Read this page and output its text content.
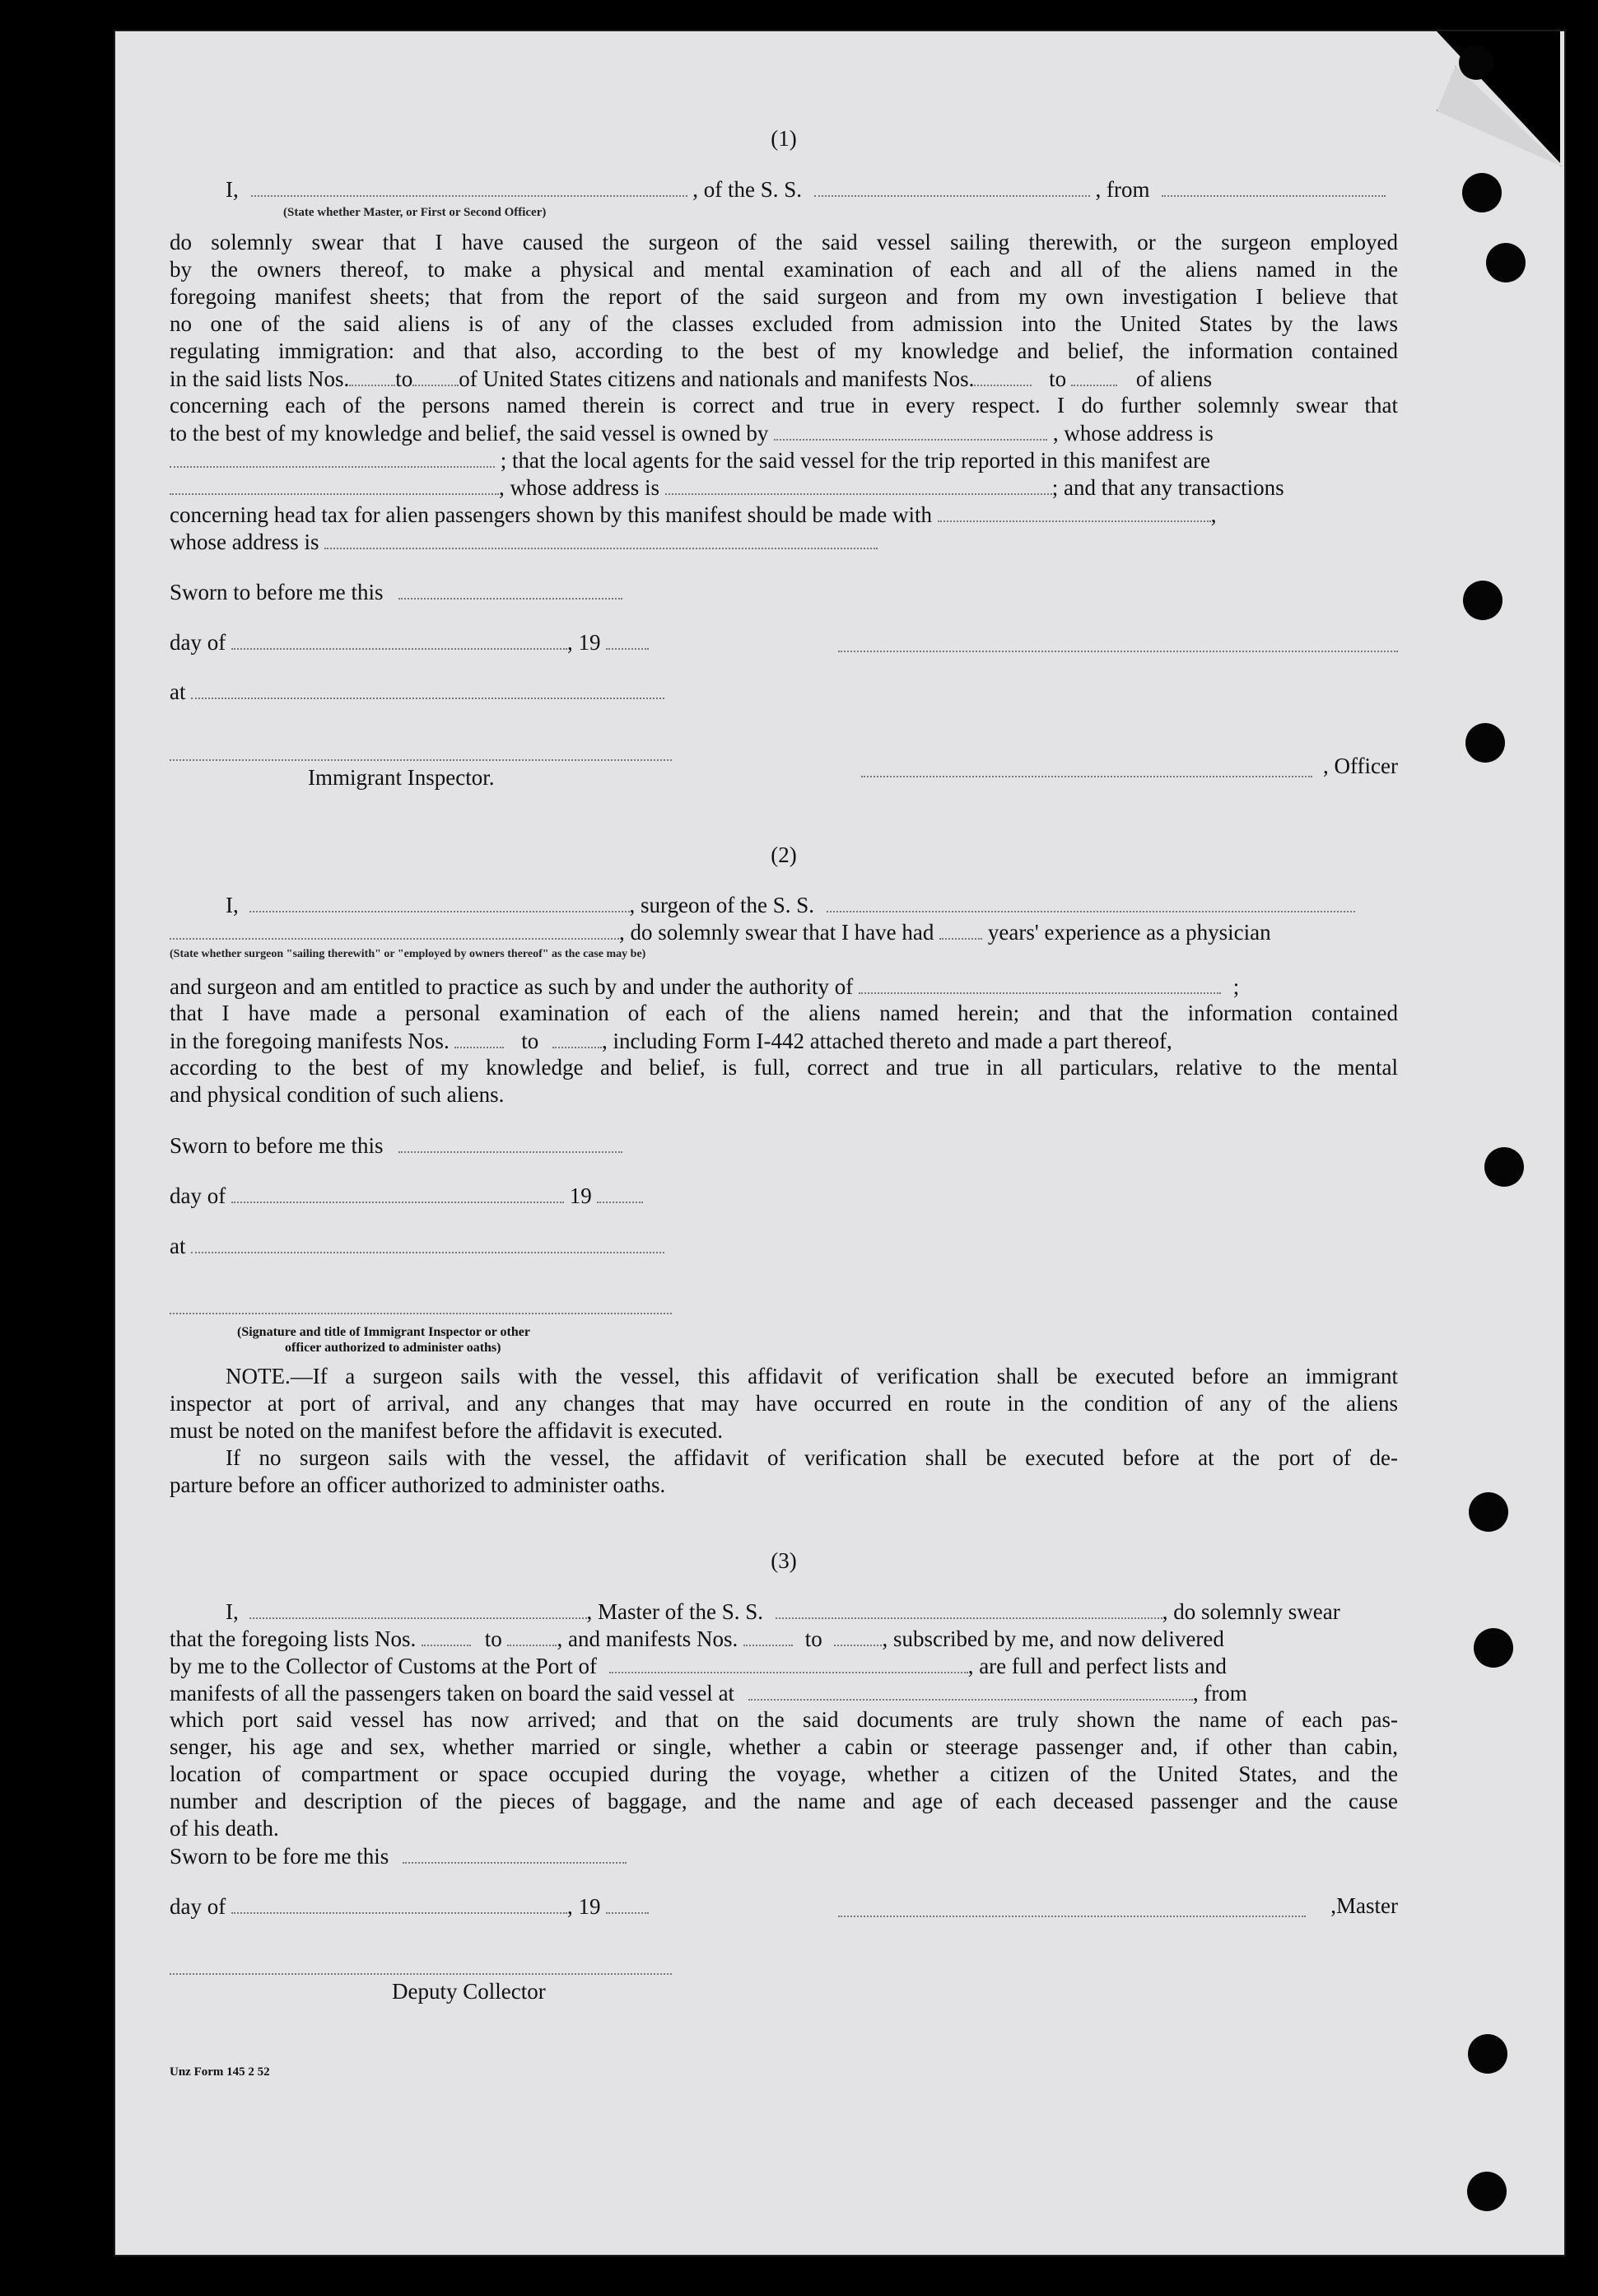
(1)
I,	, of the S. S.	, from
(State whether Master, or First or Second Officer)
do solemnly swear that I have caused the surgeon of the said vessel sailing therewith, or the surgeon employed
by the owners thereof, to make a physical and mental examination of each and all of the aliens named in the
foregoing manifest sheets; that from the report of the said surgeon and from my own investigation I believe that
no one of the said aliens is of any of the classes excluded from admission into the United States by the laws
regulating immigration: and that also, according to the best of my knowledge and belief, the information contained
in the said lists Nos. to of United States citizens and nationals and manifests Nos.	to	of aliens
concerning each of the persons named therein is correct and true in every respect. I do further solemnly swear that
to the best of my knowledge and belief, the said vessel is owned by	, whose address is
; that the local agents for the said vessel for the trip reported in this manifest are
, whose address is	; and that any transactions
concerning head tax for alien passengers shown by this manifest should be made with	,
whose address is
Sworn to before me this
day of	, 19
at
Immigrant Inspector.	, Officer
(2)
I,	, surgeon of the S. S.
, do solemnly swear that I have had years' experience as a physician
(State whether surgeon "sailing therewith" or "employed by owners thereof" as the case may be)
and surgeon and am entitled to practice as such by and under the authority of	;
that I have made a personal examination of each of the aliens named herein; and that the information contained
in the foregoing manifests Nos.	to	, including Form I-442 attached thereto and made a part thereof,
according to the best of my knowledge and belief, is full, correct and true in all particulars, relative to the mental
and physical condition of such aliens.
Sworn to before me this
day of	19
at
(Signature and title of Immigrant Inspector or other
officer authorized to administer oaths)
NOTE.—If a surgeon sails with the vessel, this affidavit of verification shall be executed before an immigrant
inspector at port of arrival, and any changes that may have occurred en route in the condition of any of the aliens
must be noted on the manifest before the affidavit is executed.
If no surgeon sails with the vessel, the affidavit of verification shall be executed before at the port of de-
parture before an officer authorized to administer oaths.
(3)
I,	, Master of the S. S.	, do solemnly swear
that the foregoing lists Nos.	to , and manifests Nos.	to	, subscribed by me, and now delivered
by me to the Collector of Customs at the Port of	, are full and perfect lists and
manifests of all the passengers taken on board the said vessel at	, from
which port said vessel has now arrived; and that on the said documents are truly shown the name of each pas-
senger, his age and sex, whether married or single, whether a cabin or steerage passenger and, if other than cabin,
location of compartment or space occupied during the voyage, whether a citizen of the United States, and the
number and description of the pieces of baggage, and the name and age of each deceased passenger and the cause
of his death.
Sworn to be fore me this
day of	, 19	,Master
Deputy Collector
Unz Form 145 2 52
